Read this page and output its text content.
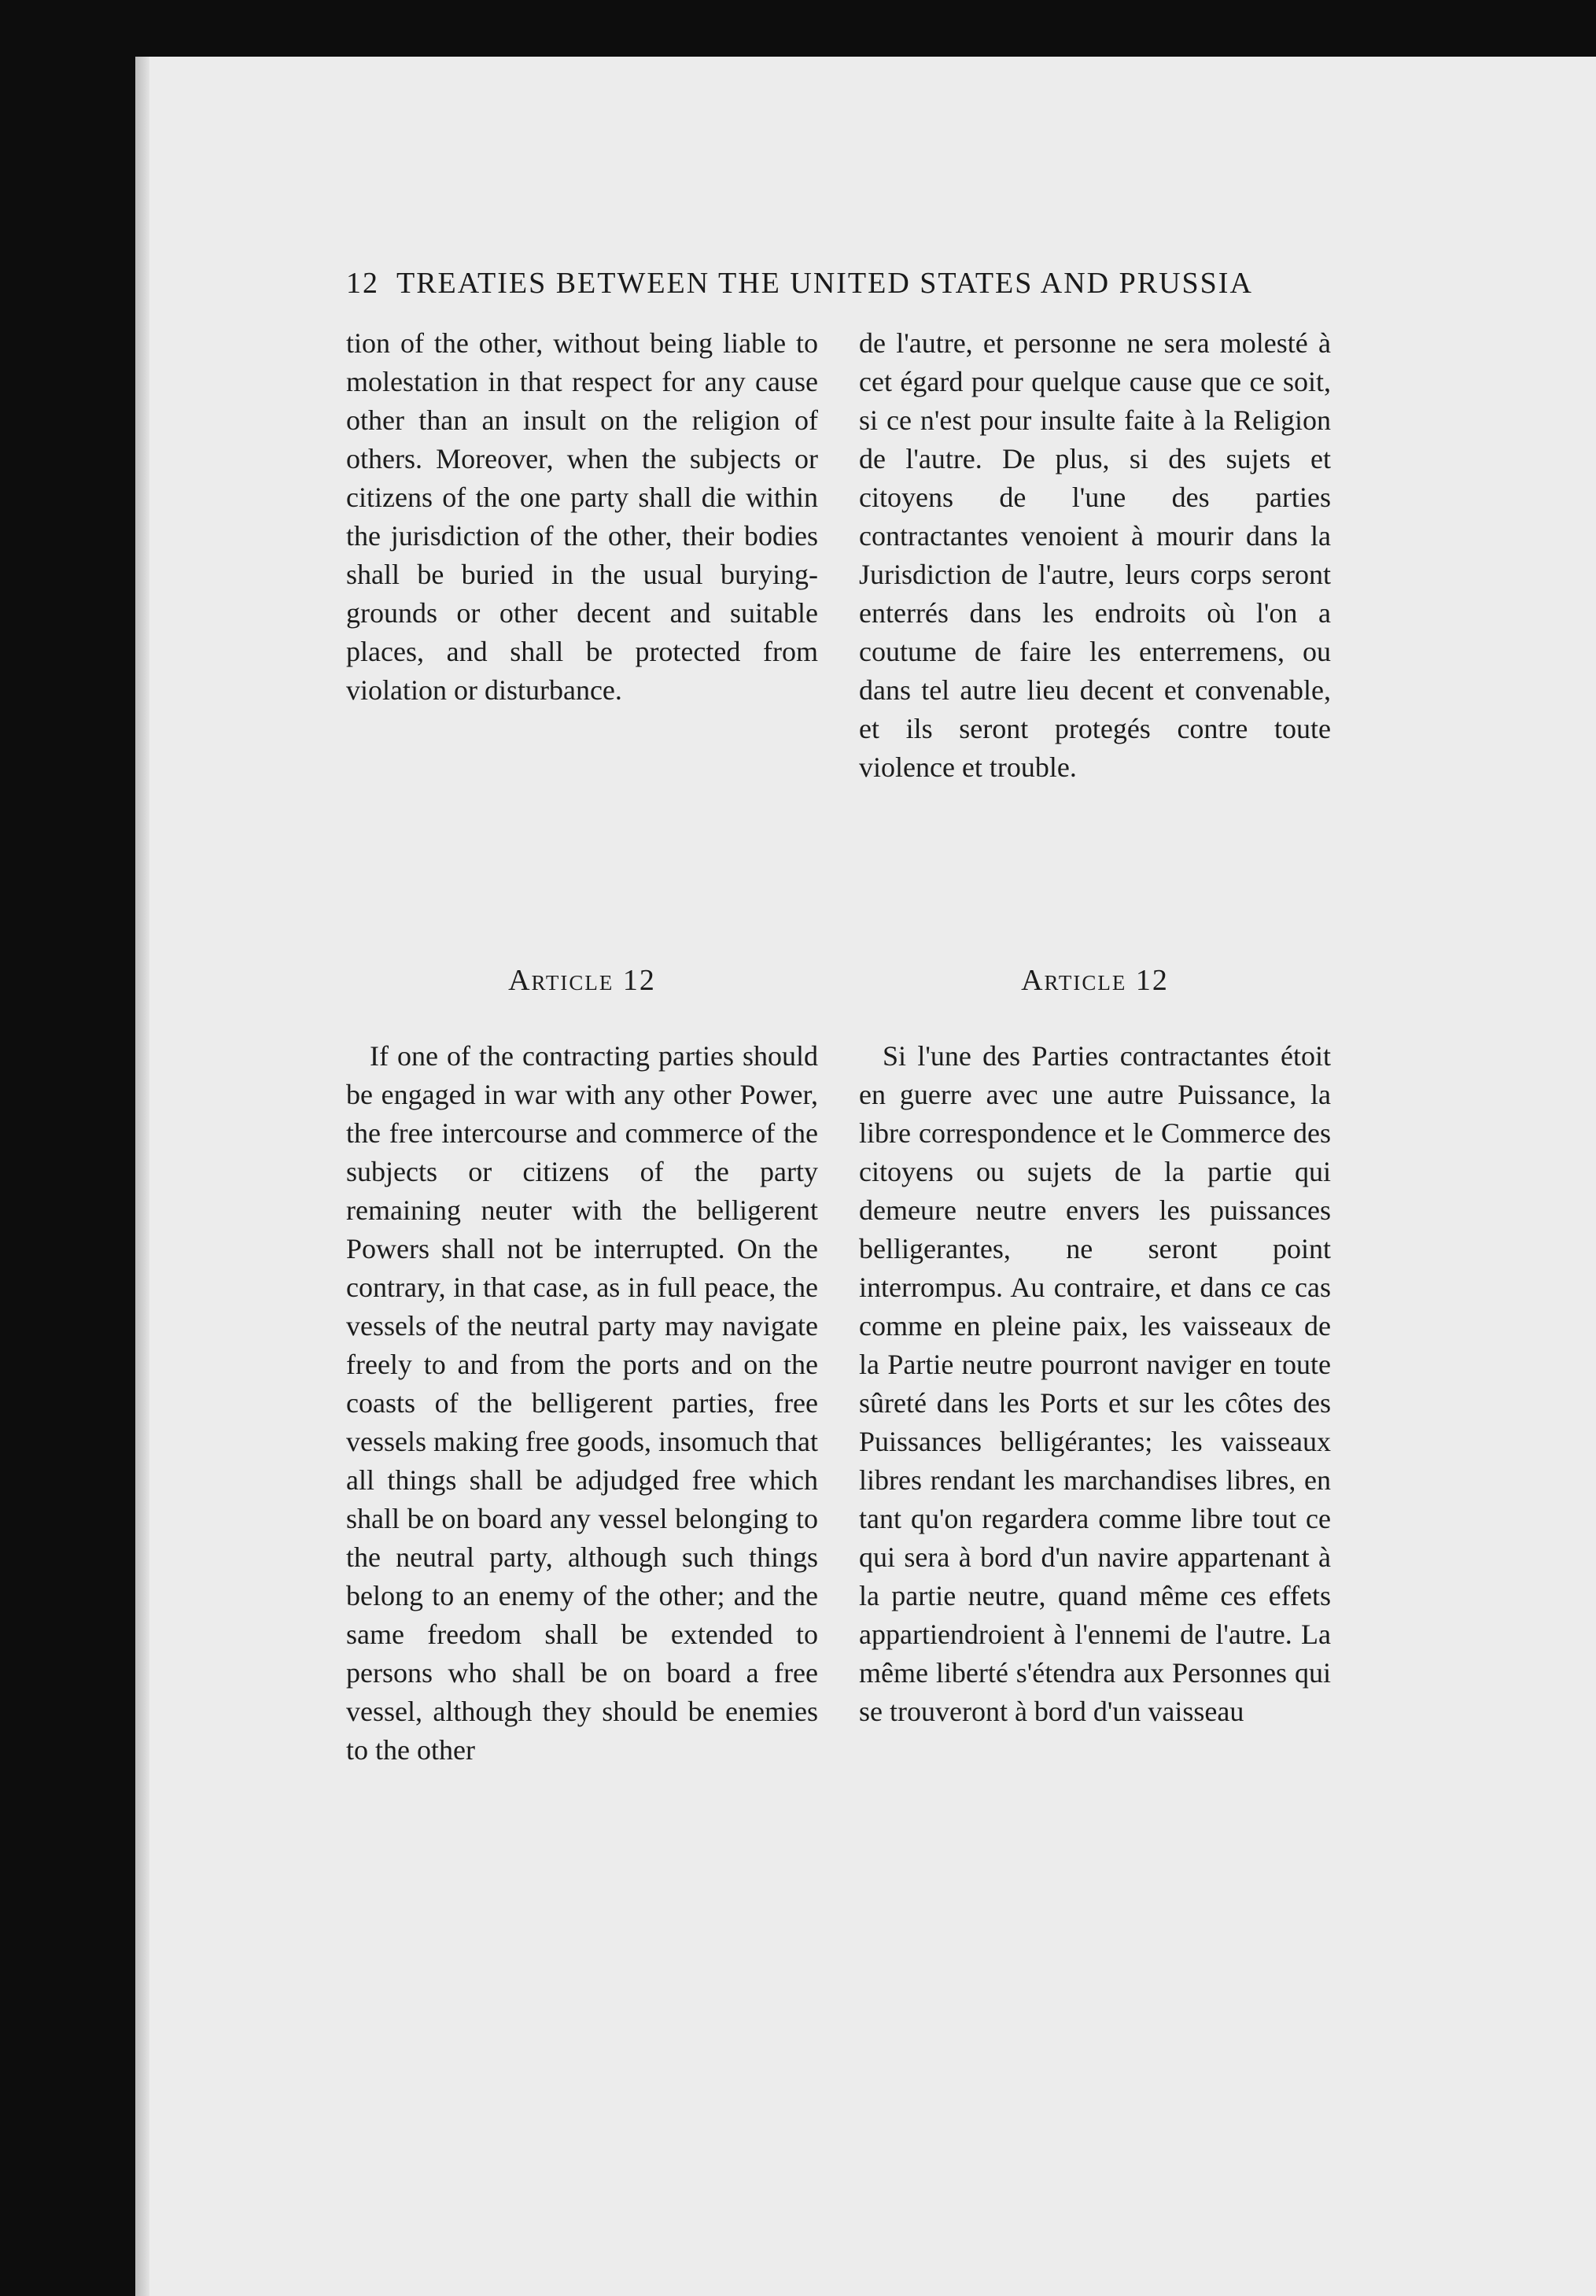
12 TREATIES BETWEEN THE UNITED STATES AND PRUSSIA

tion of the other, without being liable to molestation in that respect for any cause other than an insult on the religion of others. Moreover, when the subjects or citizens of the one party shall die within the jurisdiction of the other, their bodies shall be buried in the usual burying-grounds or other decent and suitable places, and shall be protected from violation or disturbance.

de l'autre, et personne ne sera molesté à cet égard pour quelque cause que ce soit, si ce n'est pour insulte faite à la Religion de l'autre. De plus, si des sujets et citoyens de l'une des parties contractantes venoient à mourir dans la Jurisdiction de l'autre, leurs corps seront enterrés dans les endroits où l'on a coutume de faire les enterremens, ou dans tel autre lieu decent et convenable, et ils seront protegés contre toute violence et trouble.

Article 12	Article 12

If one of the contracting parties should be engaged in war with any other Power, the free intercourse and commerce of the subjects or citizens of the party remaining neuter with the belligerent Powers shall not be interrupted. On the contrary, in that case, as in full peace, the vessels of the neutral party may navigate freely to and from the ports and on the coasts of the belligerent parties, free vessels making free goods, insomuch that all things shall be adjudged free which shall be on board any vessel belonging to the neutral party, although such things belong to an enemy of the other; and the same freedom shall be extended to persons who shall be on board a free vessel, although they should be enemies to the other

Si l'une des Parties contractantes étoit en guerre avec une autre Puissance, la libre correspondence et le Commerce des citoyens ou sujets de la partie qui demeure neutre envers les puissances belligerantes, ne seront point interrompus. Au contraire, et dans ce cas comme en pleine paix, les vaisseaux de la Partie neutre pourront naviger en toute sûreté dans les Ports et sur les côtes des Puissances belligérantes; les vaisseaux libres rendant les marchandises libres, en tant qu'on regardera comme libre tout ce qui sera à bord d'un navire appartenant à la partie neutre, quand même ces effets appartiendroient à l'ennemi de l'autre. La même liberté s'étendra aux Personnes qui se trouveront à bord d'un vaisseau
